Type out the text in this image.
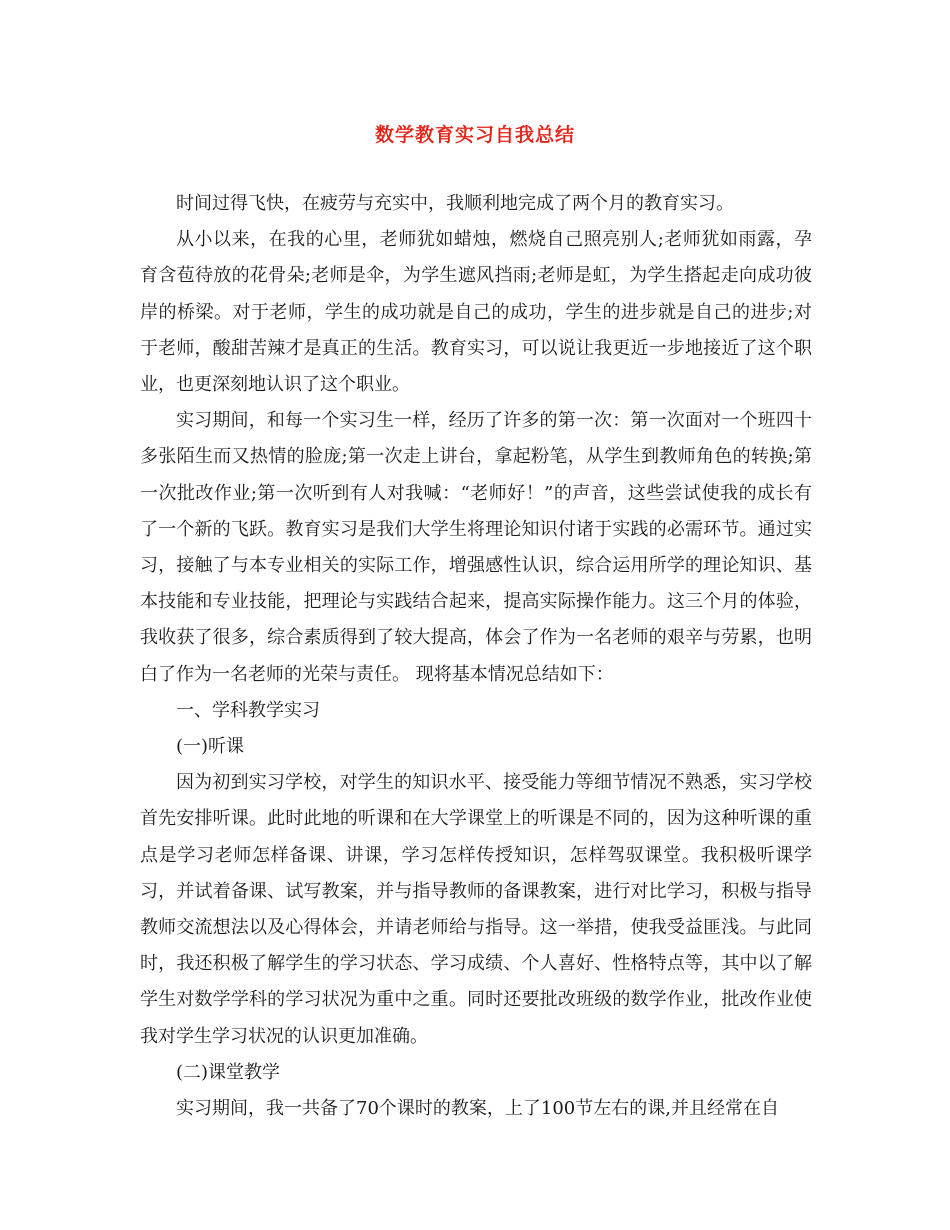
数学教育实习自我总结

时间过得飞快，在疲劳与充实中，我顺利地完成了两个月的教育实习。

从小以来，在我的心里，老师犹如蜡烛，燃烧自己照亮别人;老师犹如雨露，孕育含苞待放的花骨朵;老师是伞，为学生遮风挡雨;老师是虹，为学生搭起走向成功彼岸的桥梁。对于老师，学生的成功就是自己的成功，学生的进步就是自己的进步;对于老师，酸甜苦辣才是真正的生活。教育实习，可以说让我更近一步地接近了这个职业，也更深刻地认识了这个职业。

实习期间，和每一个实习生一样，经历了许多的第一次：第一次面对一个班四十多张陌生而又热情的脸庞;第一次走上讲台，拿起粉笔，从学生到教师角色的转换;第一次批改作业;第一次听到有人对我喊：“老师好！”的声音，这些尝试使我的成长有了一个新的飞跃。教育实习是我们大学生将理论知识付诸于实践的必需环节。通过实习，接触了与本专业相关的实际工作，增强感性认识，综合运用所学的理论知识、基本技能和专业技能，把理论与实践结合起来，提高实际操作能力。这三个月的体验，我收获了很多，综合素质得到了较大提高，体会了作为一名老师的艰辛与劳累，也明白了作为一名老师的光荣与责任。 现将基本情况总结如下：

一、学科教学实习

(一)听课

因为初到实习学校，对学生的知识水平、接受能力等细节情况不熟悉，实习学校首先安排听课。此时此地的听课和在大学课堂上的听课是不同的，因为这种听课的重点是学习老师怎样备课、讲课，学习怎样传授知识，怎样驾驭课堂。我积极听课学习，并试着备课、试写教案，并与指导教师的备课教案，进行对比学习，积极与指导教师交流想法以及心得体会，并请老师给与指导。这一举措，使我受益匪浅。与此同时，我还积极了解学生的学习状态、学习成绩、个人喜好、性格特点等，其中以了解学生对数学学科的学习状况为重中之重。同时还要批改班级的数学作业，批改作业使我对学生学习状况的认识更加准确。

(二)课堂教学

实习期间，我一共备了70个课时的教案，上了100节左右的课,并且经常在自
